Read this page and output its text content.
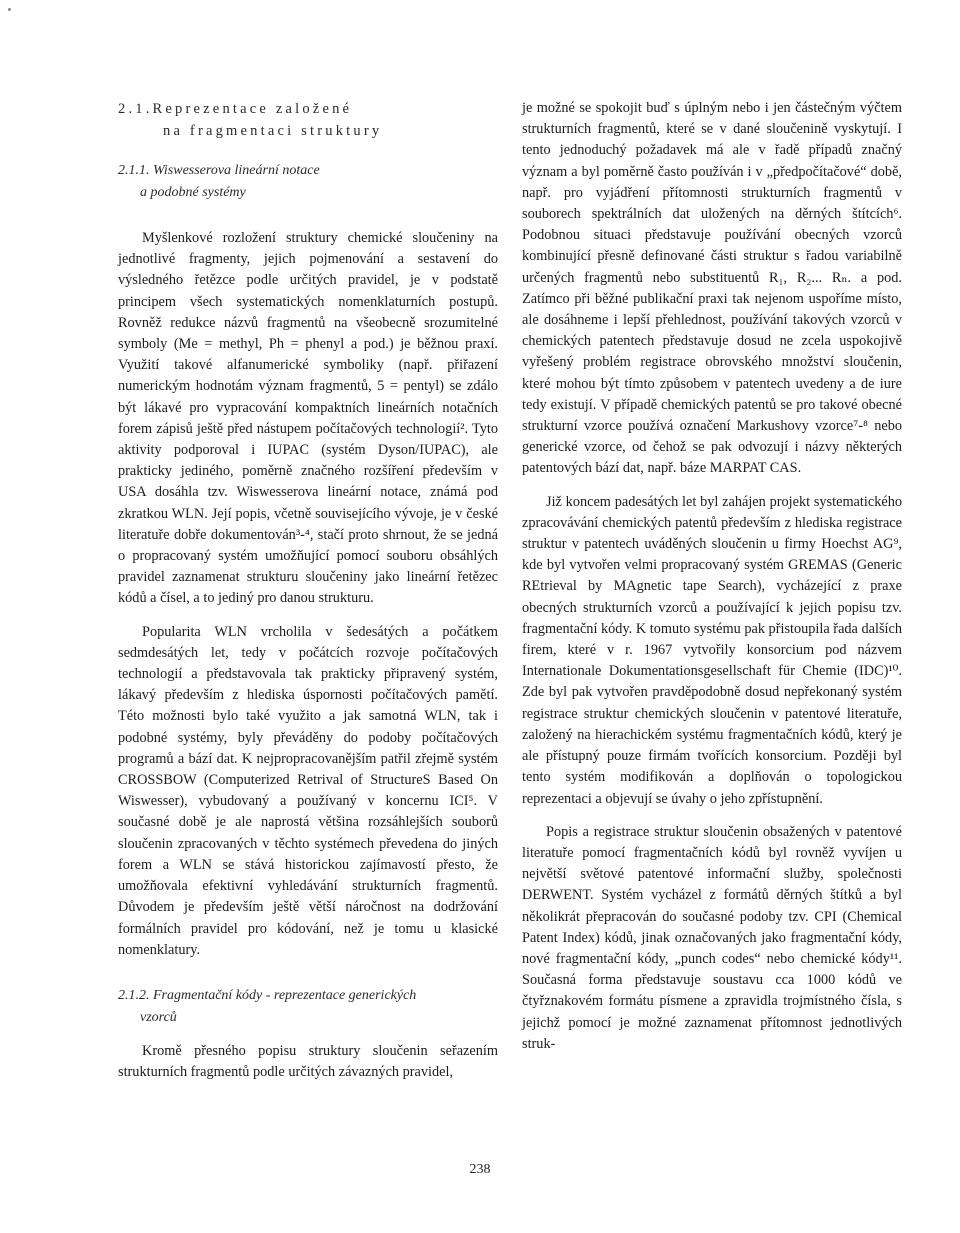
2.1.Reprezentace založené
na fragmentaci struktury
2.1.1. Wiswesserova lineární notace
a podobné systémy

Myšlenkové rozložení struktury chemické sloučeniny na jednotlivé fragmenty, jejich pojmenování a sestavení do výsledného řetězce podle určitých pravidel, je v podstatě principem všech systematických nomenklaturních postupů. Rovněž redukce názvů fragmentů na všeobecně srozumitelné symboly (Me = methyl, Ph = phenyl a pod.) je běžnou praxí. Využití takové alfanumerické symboliky (např. přiřazení numerickým hodnotám význam fragmentů, 5 = pentyl) se zdálo být lákavé pro vypracování kompaktních lineárních notačních forem zápisů ještě před nástupem počítačových technologií². Tyto aktivity podporoval i IUPAC (systém Dyson/IUPAC), ale prakticky jediného, poměrně značného rozšíření především v USA dosáhla tzv. Wiswesserova lineární notace, známá pod zkratkou WLN. Její popis, včetně souvisejícího vývoje, je v české literatuře dobře dokumentován³-⁴, stačí proto shrnout, že se jedná o propracovaný systém umožňující pomocí souboru obsáhlých pravidel zaznamenat strukturu sloučeniny jako lineární řetězec kódů a čísel, a to jediný pro danou strukturu.

Popularita WLN vrcholila v šedesátých a počátkem sedmdesátých let, tedy v počátcích rozvoje počítačových technologií a představovala tak prakticky připravený systém, lákavý především z hlediska úspornosti počítačových pamětí. Této možnosti bylo také využito a jak samotná WLN, tak i podobné systémy, byly převáděny do podoby počítačových programů a bází dat. K nejpropracovanějším patřil zřejmě systém CROSSBOW (Computerized Retrival of StructureS Based On Wiswesser), vybudovaný a používaný v koncernu ICI⁵. V současné době je ale naprostá většina rozsáhlejších souborů sloučenin zpracovaných v těchto systémech převedena do jiných forem a WLN se stává historickou zajímavostí přesto, že umožňovala efektivní vyhledávání strukturních fragmentů. Důvodem je především ještě větší náročnost na dodržování formálních pravidel pro kódování, než je tomu u klasické nomenklatury.

2.1.2. Fragmentační kódy - reprezentace generických
vzorců

Kromě přesného popisu struktury sloučenin seřazením strukturních fragmentů podle určitých závazných pravidel,

je možné se spokojit buď s úplným nebo i jen částečným výčtem strukturních fragmentů, které se v dané sloučenině vyskytují. I tento jednoduchý požadavek má ale v řadě případů značný význam a byl poměrně často používán i v „předpočítačové“ době, např. pro vyjádření přítomnosti strukturních fragmentů v souborech spektrálních dat uložených na děrných štítcích⁶. Podobnou situaci představuje používání obecných vzorců kombinující přesně definované části struktur s řadou variabilně určených fragmentů nebo substituentů R₁, R₂... Rₙ. a pod. Zatímco při běžné publikační praxi tak nejenom uspoříme místo, ale dosáhneme i lepší přehlednost, používání takových vzorců v chemických patentech představuje dosud ne zcela uspokojivě vyřešený problém registrace obrovského množství sloučenin, které mohou být tímto způsobem v patentech uvedeny a de iure tedy existují. V případě chemických patentů se pro takové obecné strukturní vzorce používá označení Markushovy vzorce⁷-⁸ nebo generické vzorce, od čehož se pak odvozují i názvy některých patentových bází dat, např. báze MARPAT CAS.

Již koncem padesátých let byl zahájen projekt systematického zpracovávání chemických patentů především z hlediska registrace struktur v patentech uváděných sloučenin u firmy Hoechst AG⁹, kde byl vytvořen velmi propracovaný systém GREMAS (Generic REtrieval by MAgnetic tape Search), vycházející z praxe obecných strukturních vzorců a používající k jejich popisu tzv. fragmentační kódy. K tomuto systému pak přistoupila řada dalších firem, které v r. 1967 vytvořily konsorcium pod názvem Internationale Dokumentationsgesellschaft für Chemie (IDC)¹⁰. Zde byl pak vytvořen pravděpodobně dosud nepřekonaný systém registrace struktur chemických sloučenin v patentové literatuře, založený na hierachickém systému fragmentačních kódů, který je ale přístupný pouze firmám tvořících konsorcium. Později byl tento systém modifikován a doplňován o topologickou reprezentaci a objevují se úvahy o jeho zpřístupnění.

Popis a registrace struktur sloučenin obsažených v patentové literatuře pomocí fragmentačních kódů byl rovněž vyvíjen u největší světové patentové informační služby, společnosti DERWENT. Systém vycházel z formátů děrných štítků a byl několikrát přepracován do současné podoby tzv. CPI (Chemical Patent Index) kódů, jinak označovaných jako fragmentační kódy, nové fragmentační kódy, „punch codes“ nebo chemické kódy¹¹. Současná forma představuje soustavu cca 1000 kódů ve čtyřznakovém formátu písmene a zpravidla trojmístného čísla, s jejichž pomocí je možné zaznamenat přítomnost jednotlivých struk-

238
